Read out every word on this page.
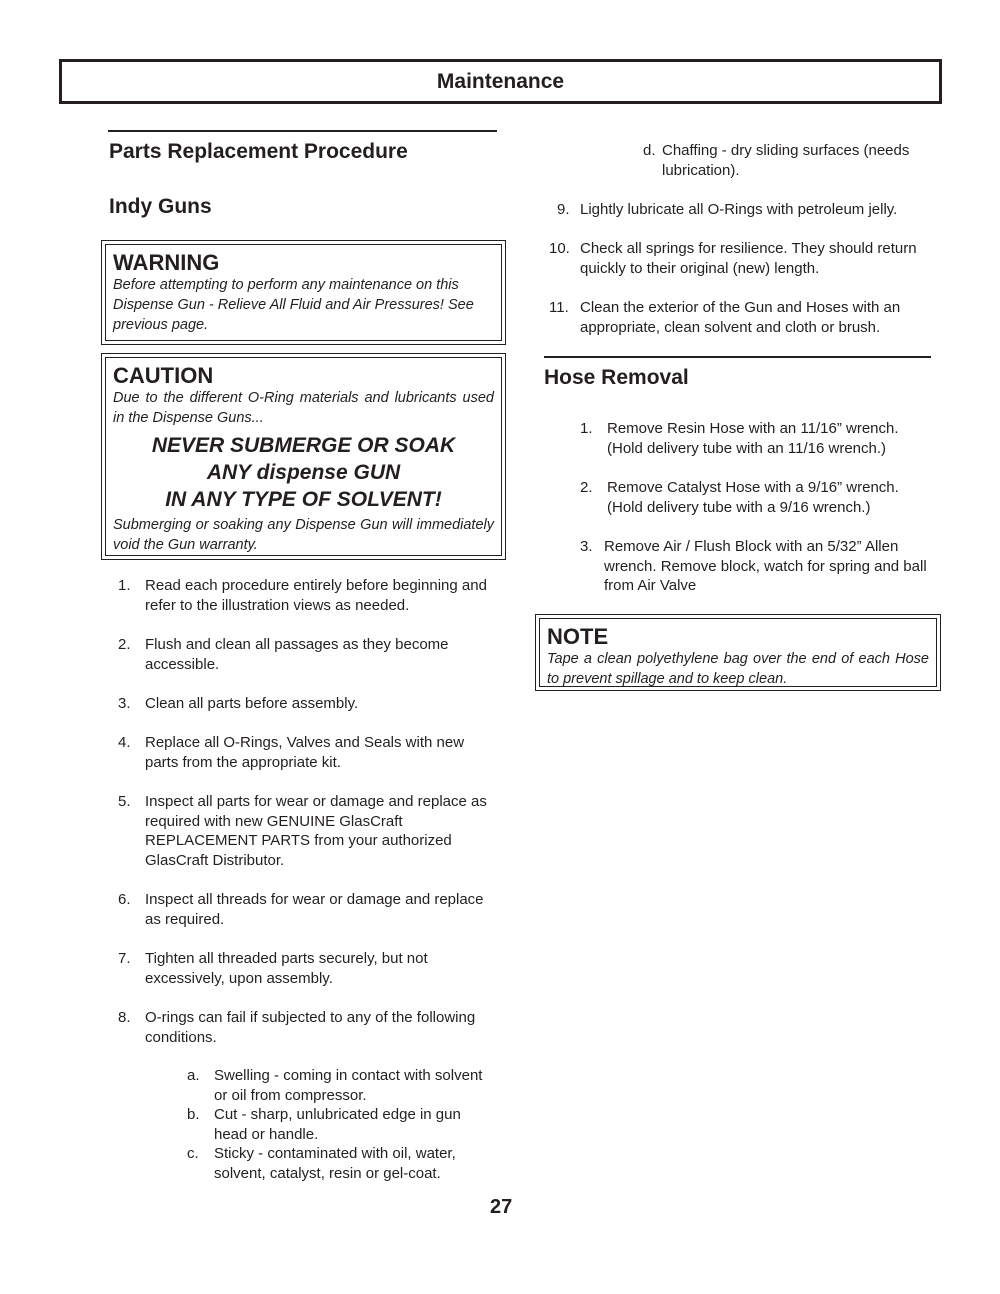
Maintenance
Parts Replacement Procedure
Indy Guns
WARNING
Before attempting to perform any maintenance on this Dispense Gun - Relieve All Fluid and Air Pressures! See previous page.
CAUTION
Due to the different O-Ring materials and lubricants used in the Dispense Guns...
NEVER SUBMERGE OR SOAK
ANY dispense GUN
IN ANY TYPE OF SOLVENT!
Submerging or soaking any Dispense Gun will immediately void the Gun warranty.
1. Read each procedure entirely before beginning and refer to the illustration views as needed.
2. Flush and clean all passages as they become accessible.
3. Clean all parts before assembly.
4. Replace all O-Rings, Valves and Seals with new parts from the appropriate kit.
5. Inspect all parts for wear or damage and replace as required with new GENUINE GlasCraft REPLACEMENT PARTS from your authorized GlasCraft Distributor.
6. Inspect all threads for wear or damage and replace as required.
7. Tighten all threaded parts securely, but not excessively, upon assembly.
8. O-rings can fail if subjected to any of the following conditions.
a. Swelling - coming in contact with solvent or oil from compressor.
b. Cut - sharp, unlubricated edge in gun head or handle.
c.	Sticky - contaminated with oil, water, solvent, catalyst, resin or gel-coat.
d. Chaffing - dry sliding surfaces (needs lubrication).
9. Lightly lubricate all O-Rings with petroleum jelly.
10. Check all springs for resilience. They should return quickly to their original (new) length.
11. Clean the exterior of the Gun and Hoses with an appropriate, clean solvent and cloth or brush.
Hose Removal
1. Remove Resin Hose with an 11/16” wrench. (Hold delivery tube with an 11/16 wrench.)
2. Remove Catalyst Hose with a 9/16” wrench. (Hold delivery tube with a 9/16 wrench.)
3. Remove Air / Flush Block with an 5/32” Allen wrench. Remove block, watch for spring and ball from Air Valve
NOTE
Tape a clean polyethylene bag over the end of each Hose to prevent spillage and to keep clean.
27
